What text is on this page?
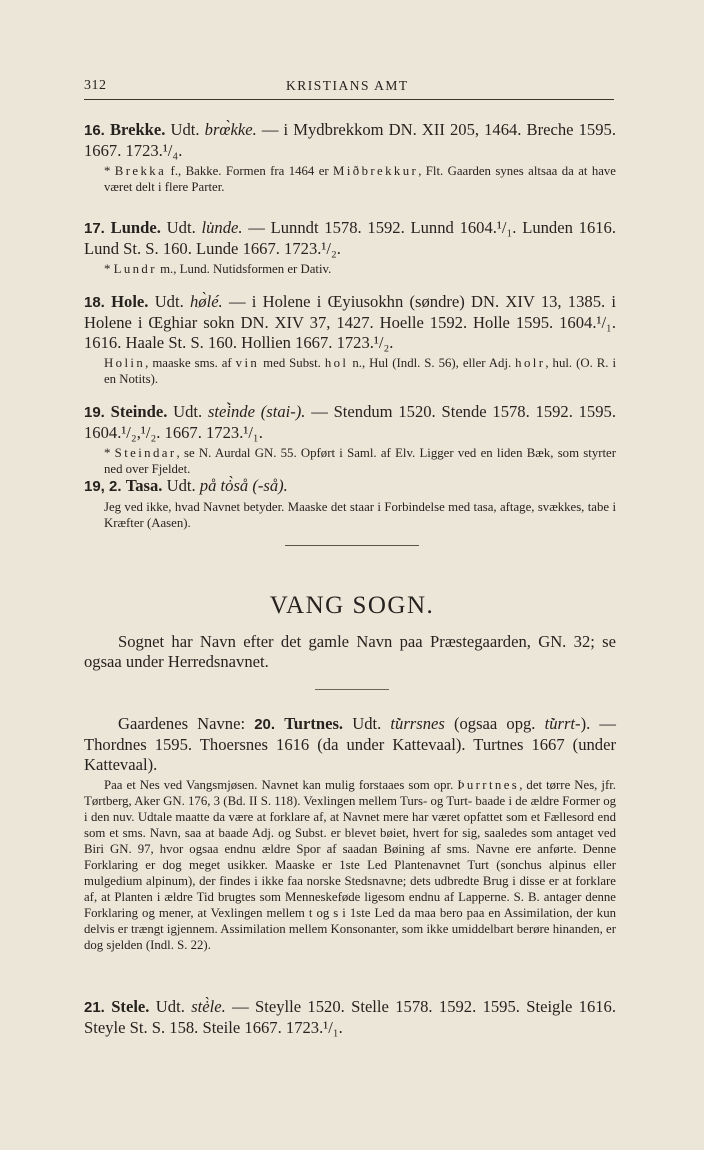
312	KRISTIANS AMT

16. Brekke. Udt. brœ̀kke. — i Mydbrekkom DN. XII 205, 1464. Breche 1595. 1667. 1723.¹/₄.

* Brekka f., Bakke. Formen fra 1464 er Miðbrekkur, Flt. Gaarden synes altsaa da at have været delt i flere Parter.

17. Lunde. Udt. lu̇nde. — Lunndt 1578. 1592. Lunnd 1604.¹/₁. Lunden 1616. Lund St. S. 160. Lunde 1667. 1723.¹/₂.

* Lundr m., Lund. Nutidsformen er Dativ.

18. Hole. Udt. hø̀lé. — i Holene i Œyiusokhn (søndre) DN. XIV 13, 1385. i Holene i Œghiar sokn DN. XIV 37, 1427. Hoelle 1592. Holle 1595. 1604.¹/₁. 1616. Haale St. S. 160. Hollien 1667. 1723.¹/₂.

Holin, maaske sms. af vin med Subst. hol n., Hul (Indl. S. 56), eller Adj. holr, hul. (O. R. i en Notits).

19. Steinde. Udt. stei̇̀nde (stai-). — Stendum 1520. Stende 1578. 1592. 1595. 1604.¹/₂,¹/₂. 1667. 1723.¹/₁.

* Steindar, se N. Aurdal GN. 55. Opført i Saml. af Elv. Ligger ved en liden Bæk, som styrter ned over Fjeldet.

19, 2. Tasa. Udt. på tȯ̀så (-så).

Jeg ved ikke, hvad Navnet betyder. Maaske det staar i Forbindelse med tasa, aftage, svækkes, tabe i Kræfter (Aasen).

VANG SOGN.

Sognet har Navn efter det gamle Navn paa Præstegaarden, GN. 32; se ogsaa under Herredsnavnet.

Gaardenes Navne: 20. Turtnes. Udt. tu̇̀rrsnes (ogsaa opg. tu̇̀rrt-). — Thordnes 1595. Thoersnes 1616 (da under Kattevaal). Turtnes 1667 (under Kattevaal).

Paa et Nes ved Vangsmjøsen. Navnet kan mulig forstaaes som opr. Þurrtnes, det tørre Nes, jfr. Tørtberg, Aker GN. 176, 3 (Bd. II S. 118). Vexlingen mellem Turs- og Turt- baade i de ældre Former og i den nuv. Udtale maatte da være at forklare af, at Navnet mere har været opfattet som et Fællesord end som et sms. Navn, saa at baade Adj. og Subst. er blevet bøiet, hvert for sig, saaledes som antaget ved Biri GN. 97, hvor ogsaa endnu ældre Spor af saadan Bøining af sms. Navne ere anførte. Denne Forklaring er dog meget usikker. Maaske er 1ste Led Plantenavnet Turt (sonchus alpinus eller mulgedium alpinum), der findes i ikke faa norske Stedsnavne; dets udbredte Brug i disse er at forklare af, at Planten i ældre Tid brugtes som Menneskeføde ligesom endnu af Lapperne. S. B. antager denne Forklaring og mener, at Vexlingen mellem t og s i 1ste Led da maa bero paa en Assimilation, der kun delvis er trængt igjennem. Assimilation mellem Konsonanter, som ikke umiddelbart berøre hinanden, er dog sjelden (Indl. S. 22).

21. Stele. Udt. stė̀le. — Steylle 1520. Stelle 1578. 1592. 1595. Steigle 1616. Steyle St. S. 158. Steile 1667. 1723.¹/₁.
